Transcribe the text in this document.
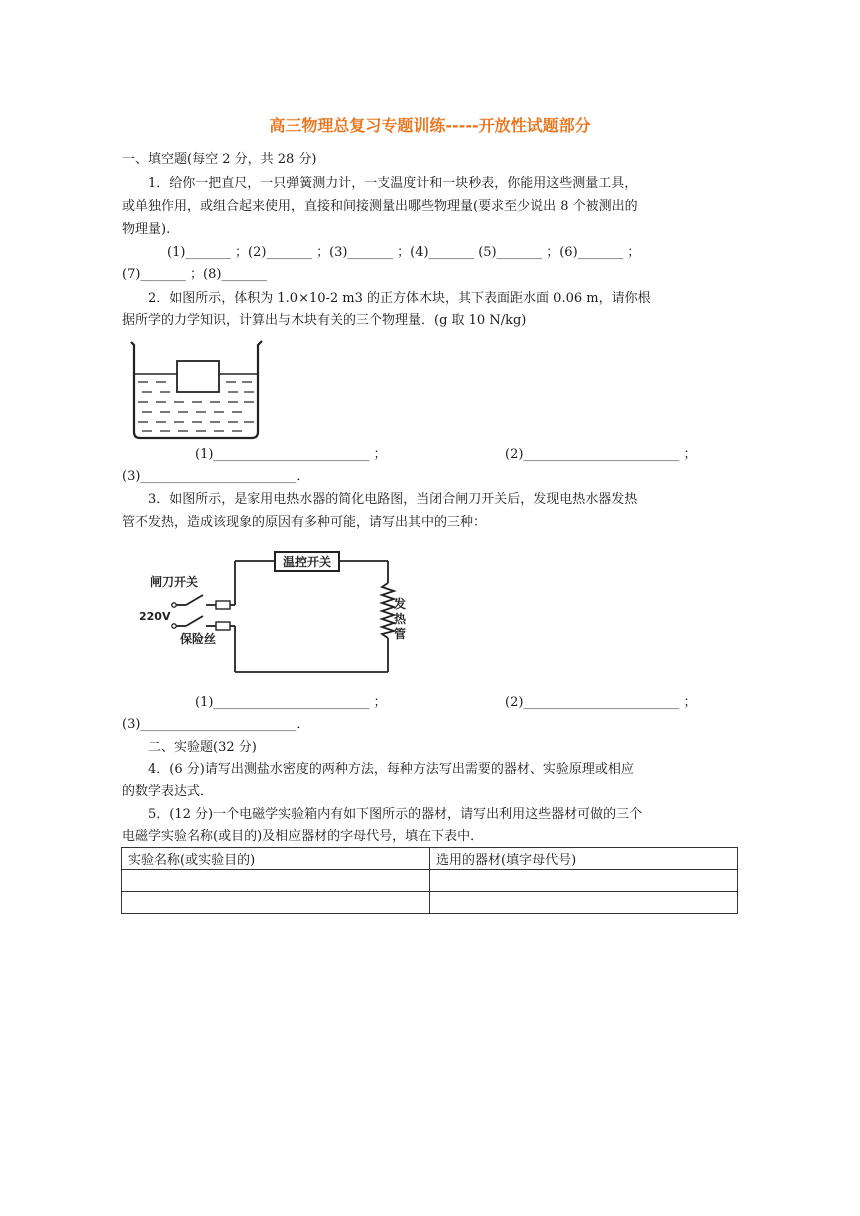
高三物理总复习专题训练-----开放性试题部分
一、填空题(每空 2 分，共 28 分)
1．给你一把直尺，一只弹簧测力计，一支温度计和一块秒表，你能用这些测量工具，
或单独作用，或组合起来使用，直接和间接测量出哪些物理量(要求至少说出 8 个被测出的
物理量).
(1)_______ ；(2)_______ ；(3)_______ ；(4)_______ (5)_______ ；(6)_______ ；
(7)_______ ；(8)_______
2．如图所示，体积为 1.0×10-2 m3 的正方体木块，其下表面距水面 0.06 m，请你根
据所学的力学知识，计算出与木块有关的三个物理量．(g 取 10 N/kg)
(1)________________________ ；	(2)________________________ ；
(3)________________________．
3．如图所示，是家用电热水器的简化电路图，当闭合闸刀开关后，发现电热水器发热
管不发热，造成该现象的原因有多种可能，请写出其中的三种：
温控开关
闸刀开关
220V
保险丝
发
热
管
(1)________________________ ；	(2)________________________ ；
(3)________________________．
二、实验题(32 分)
4．(6 分)请写出测盐水密度的两种方法，每种方法写出需要的器材、实验原理或相应
的数学表达式．
5．(12 分)一个电磁学实验箱内有如下图所示的器材，请写出利用这些器材可做的三个
电磁学实验名称(或目的)及相应器材的字母代号，填在下表中．
实验名称(或实验目的)	选用的器材(填字母代号)
